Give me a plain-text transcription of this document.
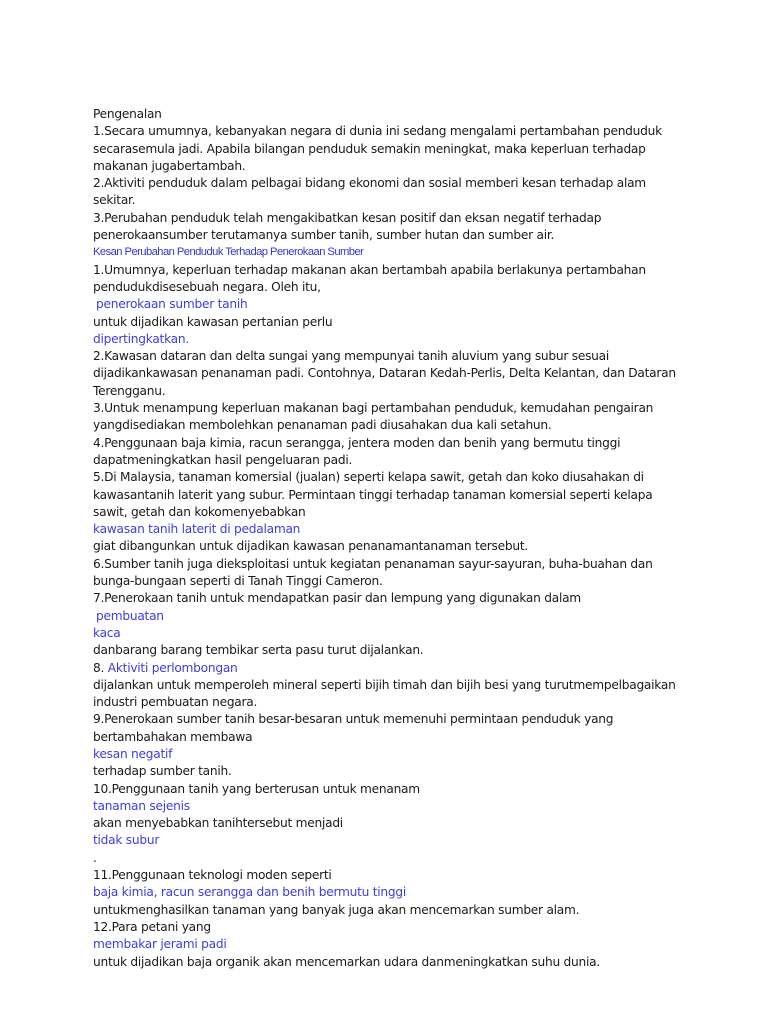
Pengenalan
1.Secara umumnya, kebanyakan negara di dunia ini sedang mengalami pertambahan penduduk
secarasemula jadi. Apabila bilangan penduduk semakin meningkat, maka keperluan terhadap
makanan jugabertambah.
2.Aktiviti penduduk dalam pelbagai bidang ekonomi dan sosial memberi kesan terhadap alam
sekitar.
3.Perubahan penduduk telah mengakibatkan kesan positif dan eksan negatif terhadap
penerokaansumber terutamanya sumber tanih, sumber hutan dan sumber air.
Kesan Perubahan Penduduk Terhadap Penerokaan Sumber
1.Umumnya, keperluan terhadap makanan akan bertambah apabila berlakunya pertambahan
pendudukdisesebuah negara. Oleh itu,
penerokaan sumber tanih
untuk dijadikan kawasan pertanian perlu
dipertingkatkan.
2.Kawasan dataran dan delta sungai yang mempunyai tanih aluvium yang subur sesuai
dijadikankawasan penanaman padi. Contohnya, Dataran Kedah-Perlis, Delta Kelantan, dan Dataran
Terengganu.
3.Untuk menampung keperluan makanan bagi pertambahan penduduk, kemudahan pengairan
yangdisediakan membolehkan penanaman padi diusahakan dua kali setahun.
4.Penggunaan baja kimia, racun serangga, jentera moden dan benih yang bermutu tinggi
dapatmeningkatkan hasil pengeluaran padi.
5.Di Malaysia, tanaman komersial (jualan) seperti kelapa sawit, getah dan koko diusahakan di
kawasantanih laterit yang subur. Permintaan tinggi terhadap tanaman komersial seperti kelapa
sawit, getah dan kokomenyebabkan
kawasan tanih laterit di pedalaman
giat dibangunkan untuk dijadikan kawasan penanamantanaman tersebut.
6.Sumber tanih juga dieksploitasi untuk kegiatan penanaman sayur-sayuran, buha-buahan dan
bunga-bungaan seperti di Tanah Tinggi Cameron.
7.Penerokaan tanih untuk mendapatkan pasir dan lempung yang digunakan dalam
pembuatan
kaca
danbarang barang tembikar serta pasu turut dijalankan.
8. Aktiviti perlombongan
dijalankan untuk memperoleh mineral seperti bijih timah dan bijih besi yang turutmempelbagaikan
industri pembuatan negara.
9.Penerokaan sumber tanih besar-besaran untuk memenuhi permintaan penduduk yang
bertambahakan membawa
kesan negatif
terhadap sumber tanih.
10.Penggunaan tanih yang berterusan untuk menanam
tanaman sejenis
akan menyebabkan tanihtersebut menjadi
tidak subur
.
11.Penggunaan teknologi moden seperti
baja kimia, racun serangga dan benih bermutu tinggi
untukmenghasilkan tanaman yang banyak juga akan mencemarkan sumber alam.
12.Para petani yang
membakar jerami padi
untuk dijadikan baja organik akan mencemarkan udara danmeningkatkan suhu dunia.
